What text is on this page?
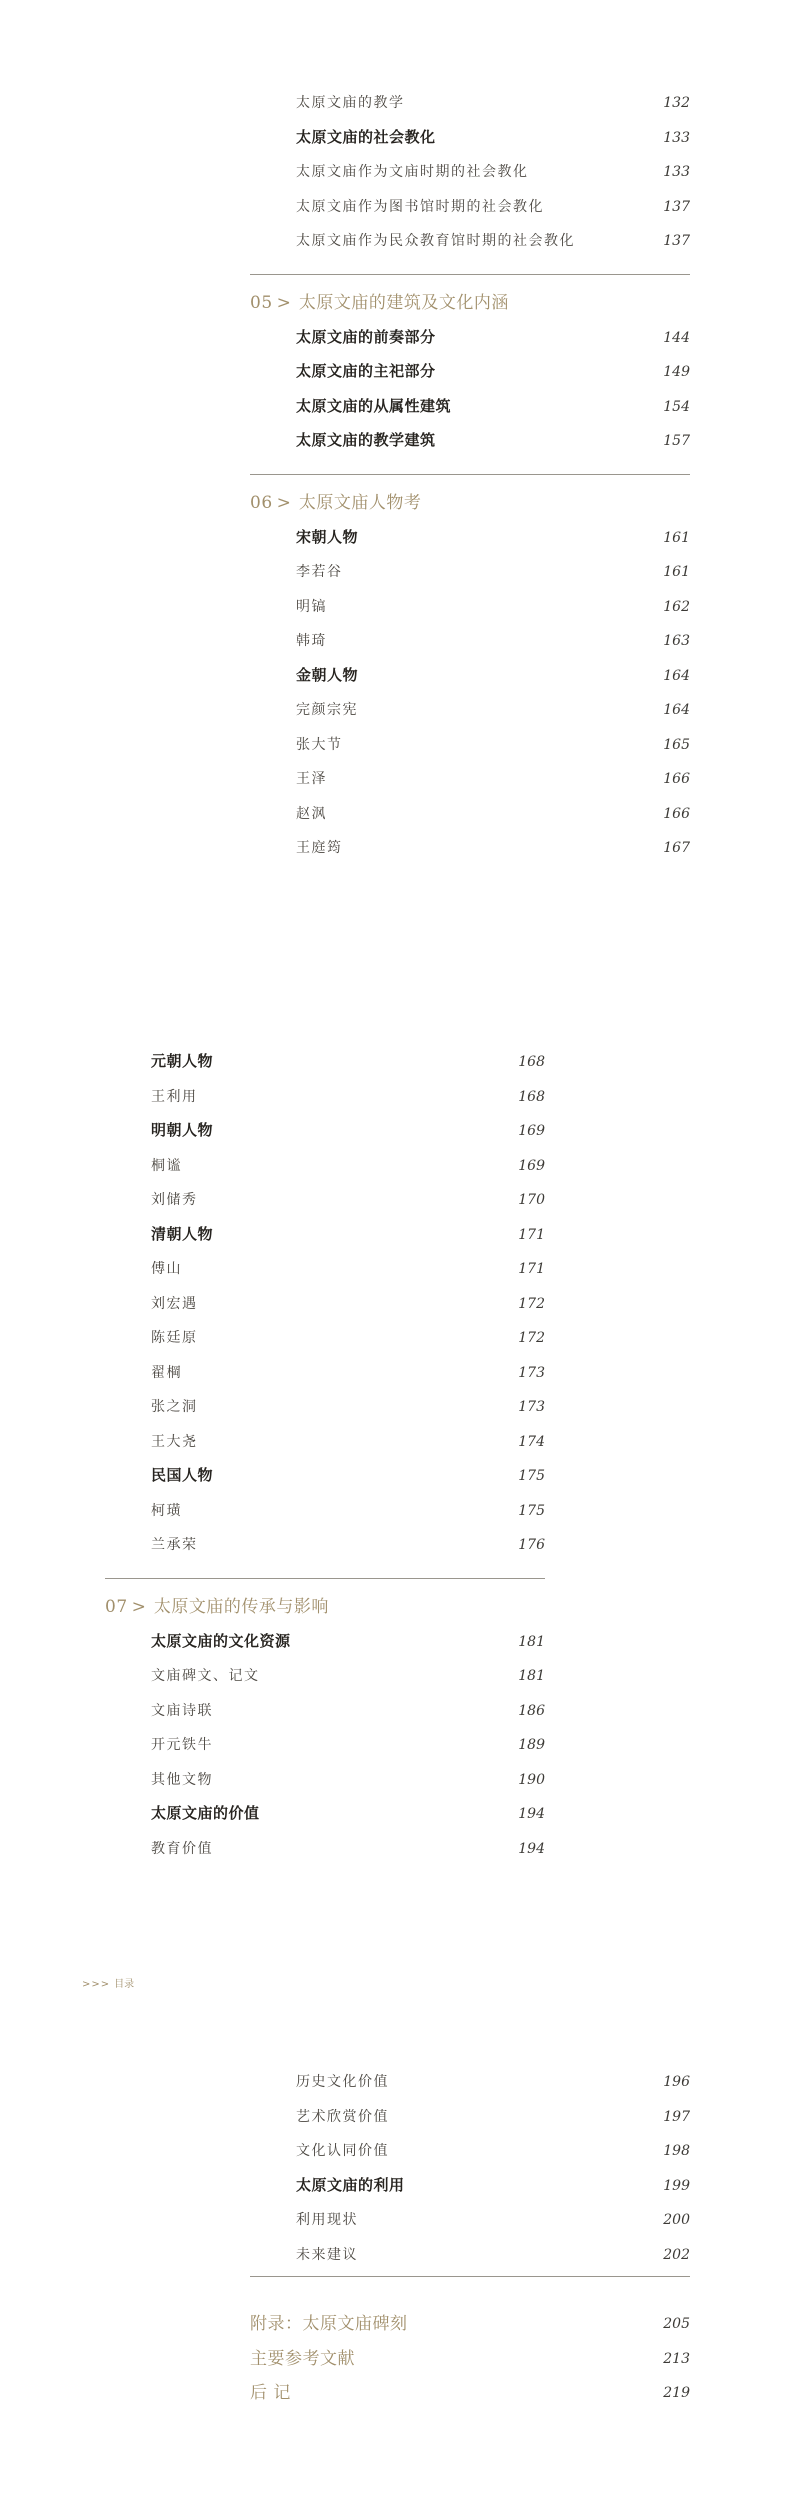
太原文庙的教学	132
太原文庙的社会教化	133
太原文庙作为文庙时期的社会教化	133
太原文庙作为图书馆时期的社会教化	137
太原文庙作为民众教育馆时期的社会教化	137
05 > 太原文庙的建筑及文化内涵
太原文庙的前奏部分	144
太原文庙的主祀部分	149
太原文庙的从属性建筑	154
太原文庙的教学建筑	157
06 > 太原文庙人物考
宋朝人物	161
李若谷	161
明镐	162
韩琦	163
金朝人物	164
完颜宗宪	164
张大节	165
王泽	166
赵沨	166
王庭筠	167
元朝人物	168
王利用	168
明朝人物	169
桐谧	169
刘储秀	170
清朝人物	171
傅山	171
刘宏遇	172
陈廷原	172
翟棡	173
张之洞	173
王大尧	174
民国人物	175
柯璜	175
兰承荣	176
07 > 太原文庙的传承与影响
太原文庙的文化资源	181
文庙碑文、记文	181
文庙诗联	186
开元铁牛	189
其他文物	190
太原文庙的价值	194
教育价值	194
>>> 目录
历史文化价值	196
艺术欣赏价值	197
文化认同价值	198
太原文庙的利用	199
利用现状	200
未来建议	202
附录：太原文庙碑刻	205
主要参考文献	213
后 记	219
